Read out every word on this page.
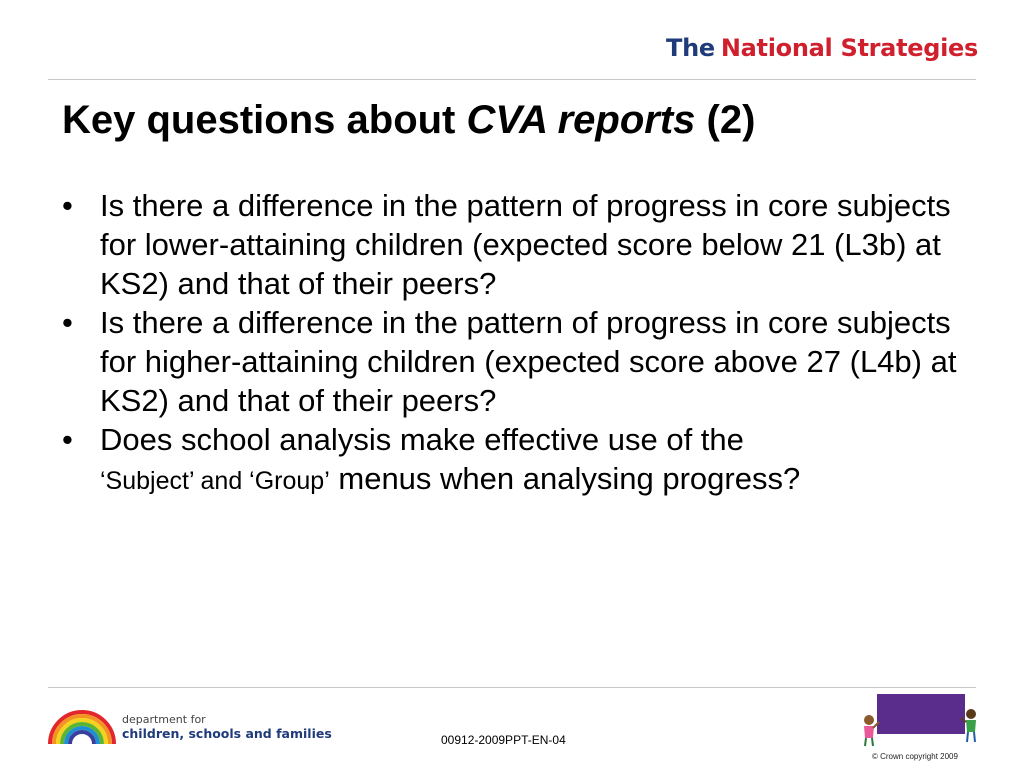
The National Strategies
Key questions about CVA reports (2)
• Is there a difference in the pattern of progress in core subjects for lower-attaining children (expected score below 21 (L3b) at KS2) and that of their peers?
• Is there a difference in the pattern of progress in core subjects for higher-attaining children (expected score above 27 (L4b) at KS2) and that of their peers?
• Does school analysis make effective use of the
‘Subject’ and ‘Group’ menus when analysing progress?
department for
children, schools and families	00912-2009PPT-EN-04
© Crown copyright 2009
